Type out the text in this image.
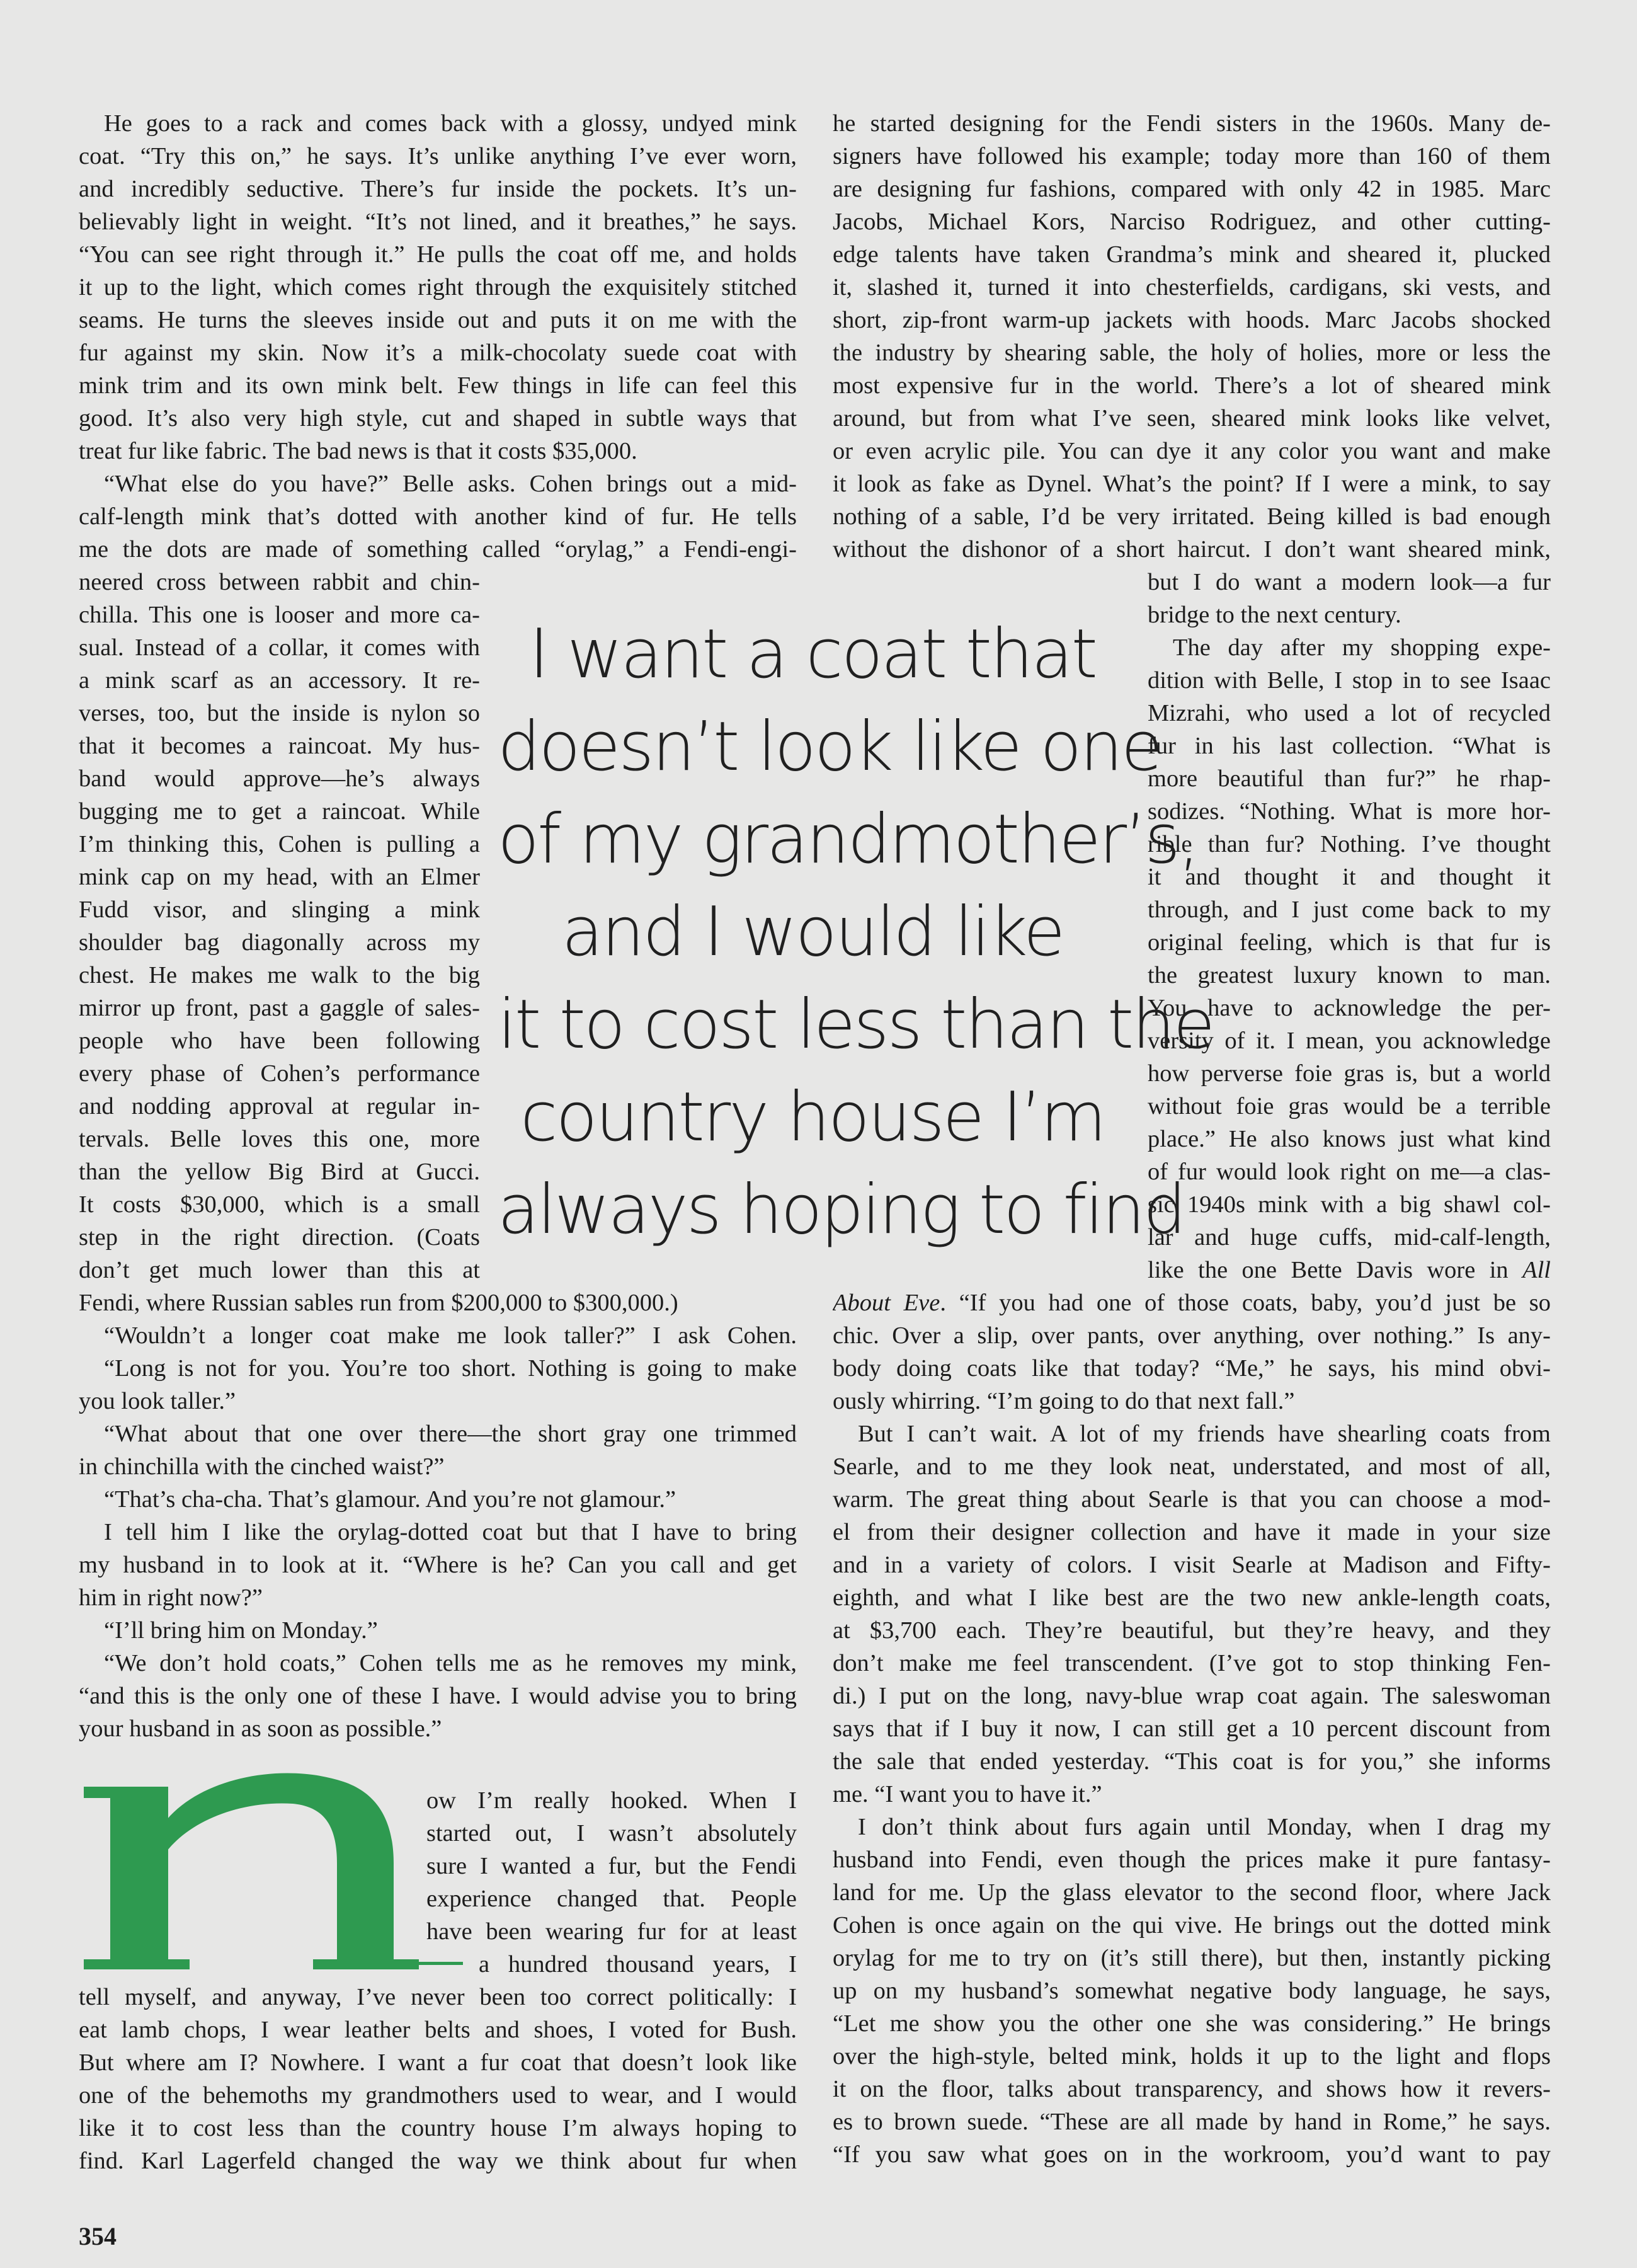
He goes to a rack and comes back with a glossy, undyed mink
coat. “Try this on,” he says. It’s unlike anything I’ve ever worn,
and incredibly seductive. There’s fur inside the pockets. It’s un-
believably light in weight. “It’s not lined, and it breathes,” he says.
“You can see right through it.” He pulls the coat off me, and holds
it up to the light, which comes right through the exquisitely stitched
seams. He turns the sleeves inside out and puts it on me with the
fur against my skin. Now it’s a milk-chocolaty suede coat with
mink trim and its own mink belt. Few things in life can feel this
good. It’s also very high style, cut and shaped in subtle ways that
treat fur like fabric. The bad news is that it costs $35,000.
“What else do you have?” Belle asks. Cohen brings out a mid-
calf-length mink that’s dotted with another kind of fur. He tells
me the dots are made of something called “orylag,” a Fendi-engi-
neered cross between rabbit and chin-
chilla. This one is looser and more ca-
sual. Instead of a collar, it comes with
a mink scarf as an accessory. It re-
verses, too, but the inside is nylon so
that it becomes a raincoat. My hus-
band would approve—he’s always
bugging me to get a raincoat. While
I’m thinking this, Cohen is pulling a
mink cap on my head, with an Elmer
Fudd visor, and slinging a mink
shoulder bag diagonally across my
chest. He makes me walk to the big
mirror up front, past a gaggle of sales-
people who have been following
every phase of Cohen’s performance
and nodding approval at regular in-
tervals. Belle loves this one, more
than the yellow Big Bird at Gucci.
It costs $30,000, which is a small
step in the right direction. (Coats
don’t get much lower than this at
Fendi, where Russian sables run from $200,000 to $300,000.)
“Wouldn’t a longer coat make me look taller?” I ask Cohen.
“Long is not for you. You’re too short. Nothing is going to make
you look taller.”
“What about that one over there—the short gray one trimmed
in chinchilla with the cinched waist?”
“That’s cha-cha. That’s glamour. And you’re not glamour.”
I tell him I like the orylag-dotted coat but that I have to bring
my husband in to look at it. “Where is he? Can you call and get
him in right now?”
“I’ll bring him on Monday.”
“We don’t hold coats,” Cohen tells me as he removes my mink,
“and this is the only one of these I have. I would advise you to bring
your husband in as soon as possible.”
ow I’m really hooked. When I
started out, I wasn’t absolutely
sure I wanted a fur, but the Fendi
experience changed that. People
have been wearing fur for at least
a hundred thousand years, I
tell myself, and anyway, I’ve never been too correct politically: I
eat lamb chops, I wear leather belts and shoes, I voted for Bush.
But where am I? Nowhere. I want a fur coat that doesn’t look like
one of the behemoths my grandmothers used to wear, and I would
like it to cost less than the country house I’m always hoping to
find. Karl Lagerfeld changed the way we think about fur when
he started designing for the Fendi sisters in the 1960s. Many de-
signers have followed his example; today more than 160 of them
are designing fur fashions, compared with only 42 in 1985. Marc
Jacobs, Michael Kors, Narciso Rodriguez, and other cutting-
edge talents have taken Grandma’s mink and sheared it, plucked
it, slashed it, turned it into chesterfields, cardigans, ski vests, and
short, zip-front warm-up jackets with hoods. Marc Jacobs shocked
the industry by shearing sable, the holy of holies, more or less the
most expensive fur in the world. There’s a lot of sheared mink
around, but from what I’ve seen, sheared mink looks like velvet,
or even acrylic pile. You can dye it any color you want and make
it look as fake as Dynel. What’s the point? If I were a mink, to say
nothing of a sable, I’d be very irritated. Being killed is bad enough
without the dishonor of a short haircut. I don’t want sheared mink,
but I do want a modern look—a fur
bridge to the next century.
The day after my shopping expe-
dition with Belle, I stop in to see Isaac
Mizrahi, who used a lot of recycled
fur in his last collection. “What is
more beautiful than fur?” he rhap-
sodizes. “Nothing. What is more hor-
rible than fur? Nothing. I’ve thought
it and thought it and thought it
through, and I just come back to my
original feeling, which is that fur is
the greatest luxury known to man.
You have to acknowledge the per-
versity of it. I mean, you acknowledge
how perverse foie gras is, but a world
without foie gras would be a terrible
place.” He also knows just what kind
of fur would look right on me—a clas-
sic 1940s mink with a big shawl col-
lar and huge cuffs, mid-calf-length,
like the one Bette Davis wore in All
About Eve. “If you had one of those coats, baby, you’d just be so
chic. Over a slip, over pants, over anything, over nothing.” Is any-
body doing coats like that today? “Me,” he says, his mind obvi-
ously whirring. “I’m going to do that next fall.”
But I can’t wait. A lot of my friends have shearling coats from
Searle, and to me they look neat, understated, and most of all,
warm. The great thing about Searle is that you can choose a mod-
el from their designer collection and have it made in your size
and in a variety of colors. I visit Searle at Madison and Fifty-
eighth, and what I like best are the two new ankle-length coats,
at $3,700 each. They’re beautiful, but they’re heavy, and they
don’t make me feel transcendent. (I’ve got to stop thinking Fen-
di.) I put on the long, navy-blue wrap coat again. The saleswoman
says that if I buy it now, I can still get a 10 percent discount from
the sale that ended yesterday. “This coat is for you,” she informs
me. “I want you to have it.”
I don’t think about furs again until Monday, when I drag my
husband into Fendi, even though the prices make it pure fantasy-
land for me. Up the glass elevator to the second floor, where Jack
Cohen is once again on the qui vive. He brings out the dotted mink
orylag for me to try on (it’s still there), but then, instantly picking
up on my husband’s somewhat negative body language, he says,
“Let me show you the other one she was considering.” He brings
over the high-style, belted mink, holds it up to the light and flops
it on the floor, talks about transparency, and shows how it revers-
es to brown suede. “These are all made by hand in Rome,” he says.
“If you saw what goes on in the workroom, you’d want to pay
I want a coat that
doesn’t look like one
of my grandmother’s,
and I would like
it to cost less than the
country house I’m
always hoping to find
354
